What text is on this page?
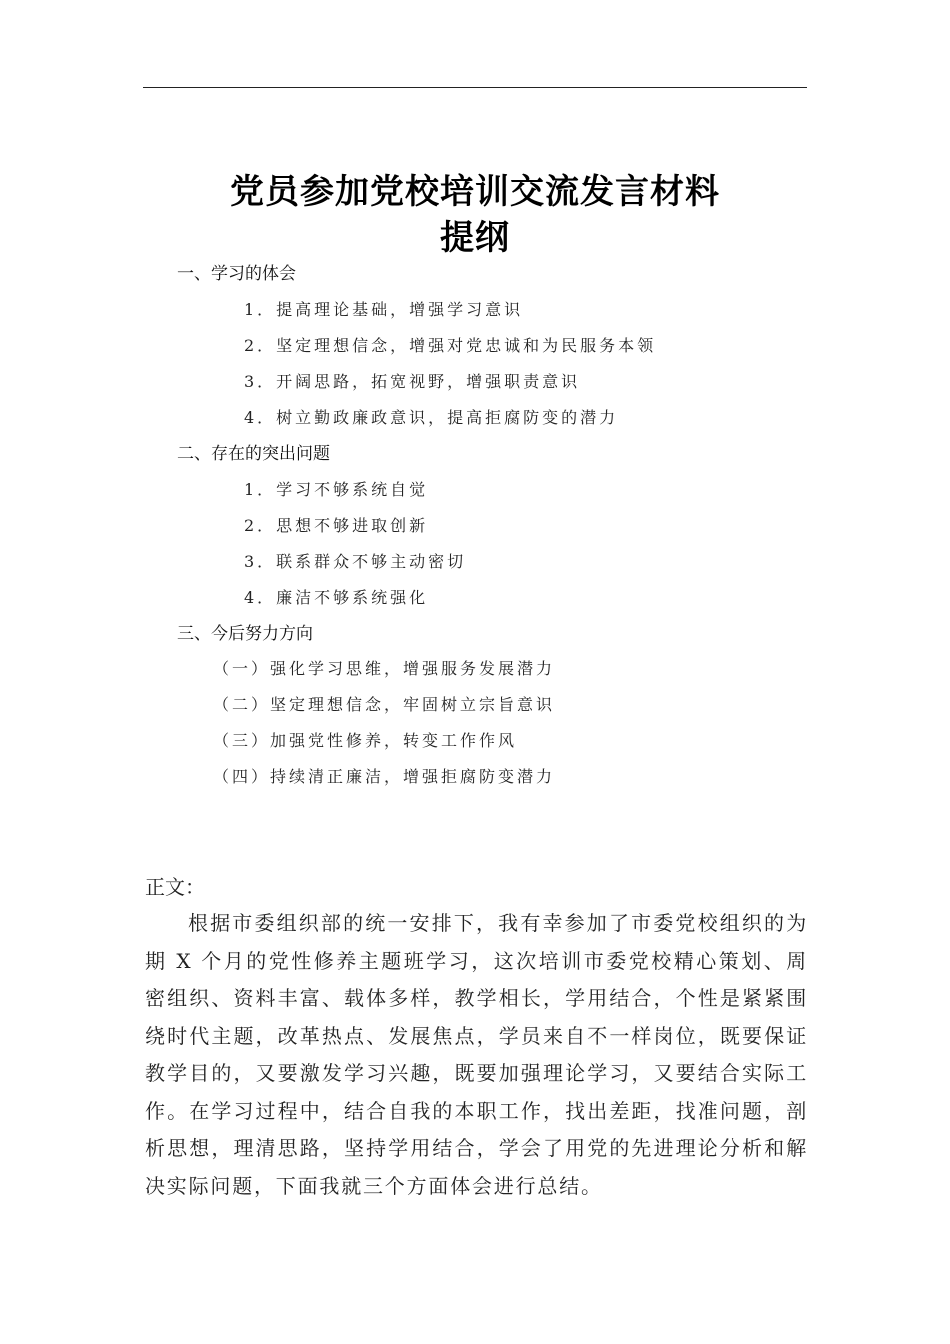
党员参加党校培训交流发言材料
提纲
一、学习的体会
1．提高理论基础，增强学习意识
2．坚定理想信念，增强对党忠诚和为民服务本领
3．开阔思路，拓宽视野，增强职责意识
4．树立勤政廉政意识，提高拒腐防变的潜力
二、存在的突出问题
1．学习不够系统自觉
2．思想不够进取创新
3．联系群众不够主动密切
4．廉洁不够系统强化
三、今后努力方向
（一）强化学习思维，增强服务发展潜力
（二）坚定理想信念，牢固树立宗旨意识
（三）加强党性修养，转变工作作风
（四）持续清正廉洁，增强拒腐防变潜力
正文：

根据市委组织部的统一安排下，我有幸参加了市委党校组织的为期 X 个月的党性修养主题班学习，这次培训市委党校精心策划、周密组织、资料丰富、载体多样，教学相长，学用结合，个性是紧紧围绕时代主题，改革热点、发展焦点，学员来自不一样岗位，既要保证教学目的，又要激发学习兴趣，既要加强理论学习，又要结合实际工作。在学习过程中，结合自我的本职工作，找出差距，找准问题，剖析思想，理清思路，坚持学用结合，学会了用党的先进理论分析和解决实际问题，下面我就三个方面体会进行总结。
